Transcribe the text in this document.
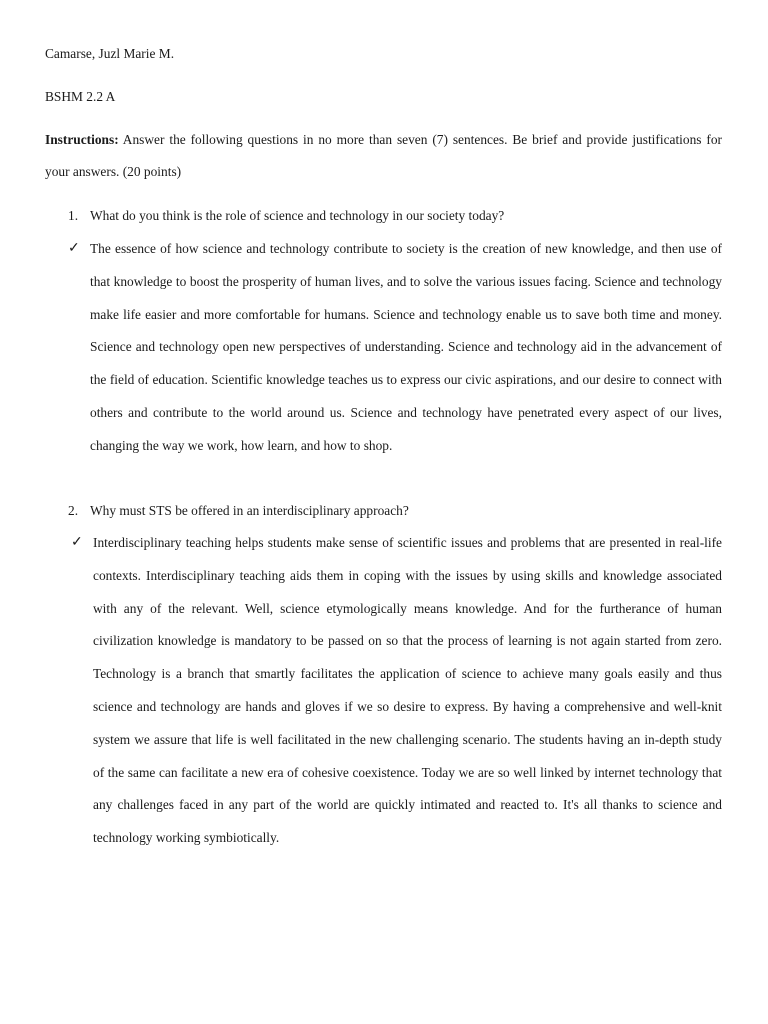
Camarse, Juzl Marie M.
BSHM 2.2 A

Instructions: Answer the following questions in no more than seven (7) sentences. Be brief and provide justifications for your answers. (20 points)

1. What do you think is the role of science and technology in our society today?
✓ The essence of how science and technology contribute to society is the creation of new knowledge, and then use of that knowledge to boost the prosperity of human lives, and to solve the various issues facing. Science and technology make life easier and more comfortable for humans. Science and technology enable us to save both time and money. Science and technology open new perspectives of understanding. Science and technology aid in the advancement of the field of education. Scientific knowledge teaches us to express our civic aspirations, and our desire to connect with others and contribute to the world around us. Science and technology have penetrated every aspect of our lives, changing the way we work, how learn, and how to shop.

2. Why must STS be offered in an interdisciplinary approach?
✓ Interdisciplinary teaching helps students make sense of scientific issues and problems that are presented in real-life contexts. Interdisciplinary teaching aids them in coping with the issues by using skills and knowledge associated with any of the relevant. Well, science etymologically means knowledge. And for the furtherance of human civilization knowledge is mandatory to be passed on so that the process of learning is not again started from zero. Technology is a branch that smartly facilitates the application of science to achieve many goals easily and thus science and technology are hands and gloves if we so desire to express. By having a comprehensive and well-knit system we assure that life is well facilitated in the new challenging scenario. The students having an in-depth study of the same can facilitate a new era of cohesive coexistence. Today we are so well linked by internet technology that any challenges faced in any part of the world are quickly intimated and reacted to. It's all thanks to science and technology working symbiotically.
